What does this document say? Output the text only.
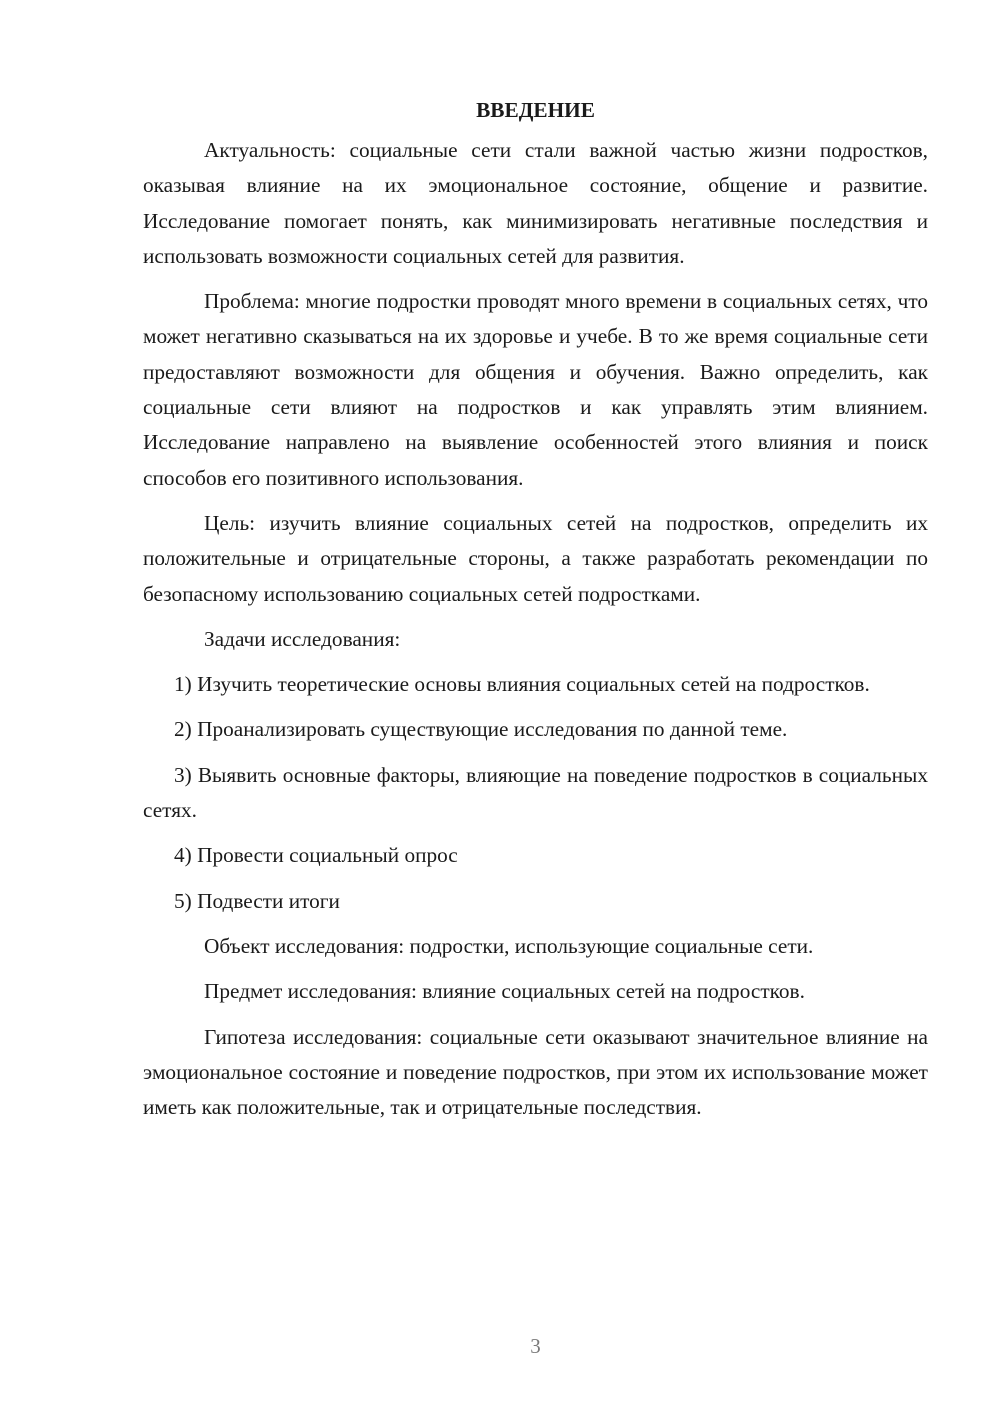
ВВЕДЕНИЕ

Актуальность: социальные сети стали важной частью жизни подростков, оказывая влияние на их эмоциональное состояние, общение и развитие. Исследование помогает понять, как минимизировать негативные последствия и использовать возможности социальных сетей для развития.

Проблема: многие подростки проводят много времени в социальных сетях, что может негативно сказываться на их здоровье и учебе. В то же время социальные сети предоставляют возможности для общения и обучения. Важно определить, как социальные сети влияют на подростков и как управлять этим влиянием. Исследование направлено на выявление особенностей этого влияния и поиск способов его позитивного использования.

Цель: изучить влияние социальных сетей на подростков, определить их положительные и отрицательные стороны, а также разработать рекомендации по безопасному использованию социальных сетей подростками.

Задачи исследования:

1) Изучить теоретические основы влияния социальных сетей на подростков.

2) Проанализировать существующие исследования по данной теме.

3) Выявить основные факторы, влияющие на поведение подростков в социальных сетях.

4) Провести социальный опрос

5) Подвести итоги

Объект исследования: подростки, использующие социальные сети.

Предмет исследования: влияние социальных сетей на подростков.

Гипотеза исследования: социальные сети оказывают значительное влияние на эмоциональное состояние и поведение подростков, при этом их использование может иметь как положительные, так и отрицательные последствия.

3
